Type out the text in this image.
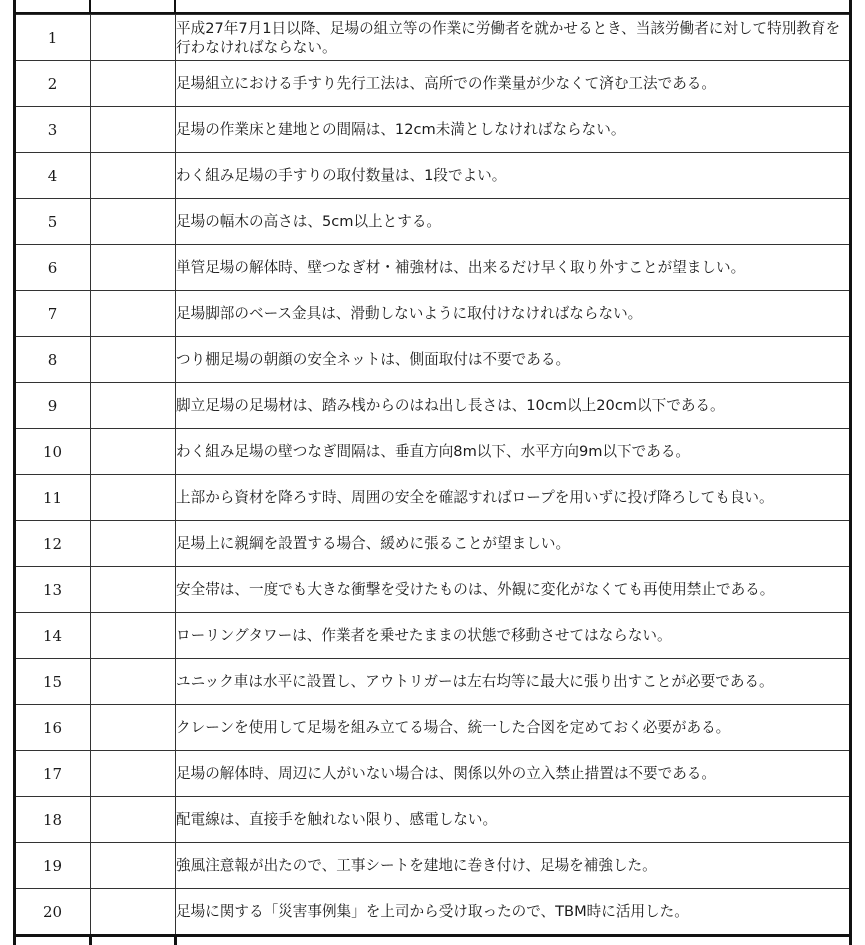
1		平成27年7月1日以降、足場の組立等の作業に労働者を就かせるとき、当該労働者に対して特別教育を行わなければならない。
2		足場組立における手すり先行工法は、高所での作業量が少なくて済む工法である。
3		足場の作業床と建地との間隔は、12cm未満としなければならない。
4		わく組み足場の手すりの取付数量は、1段でよい。
5		足場の幅木の高さは、5cm以上とする。
6		単管足場の解体時、壁つなぎ材・補強材は、出来るだけ早く取り外すことが望ましい。
7		足場脚部のベース金具は、滑動しないように取付けなければならない。
8		つり棚足場の朝顔の安全ネットは、側面取付は不要である。
9		脚立足場の足場材は、踏み桟からのはね出し長さは、10cm以上20cm以下である。
10		わく組み足場の壁つなぎ間隔は、垂直方向8m以下、水平方向9m以下である。
11		上部から資材を降ろす時、周囲の安全を確認すればロープを用いずに投げ降ろしても良い。
12		足場上に親綱を設置する場合、緩めに張ることが望ましい。
13		安全帯は、一度でも大きな衝撃を受けたものは、外観に変化がなくても再使用禁止である。
14		ローリングタワーは、作業者を乗せたままの状態で移動させてはならない。
15		ユニック車は水平に設置し、アウトリガーは左右均等に最大に張り出すことが必要である。
16		クレーンを使用して足場を組み立てる場合、統一した合図を定めておく必要がある。
17		足場の解体時、周辺に人がいない場合は、関係以外の立入禁止措置は不要である。
18		配電線は、直接手を触れない限り、感電しない。
19		強風注意報が出たので、工事シートを建地に巻き付け、足場を補強した。
20		足場に関する「災害事例集」を上司から受け取ったので、TBM時に活用した。
